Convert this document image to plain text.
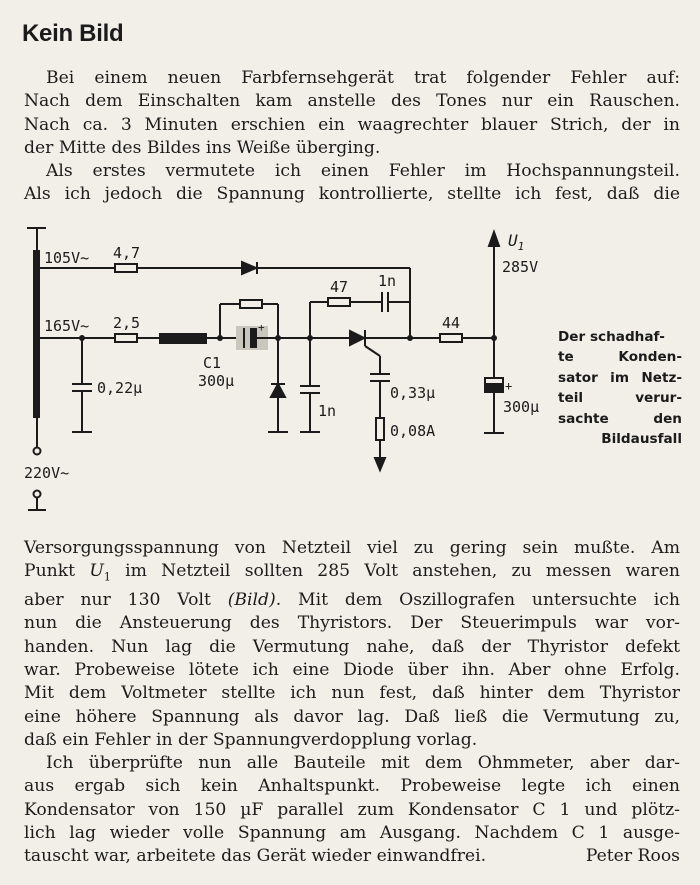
Kein Bild
Bei einem neuen Farbfernsehgerät trat folgender Fehler auf:
Nach dem Einschalten kam anstelle des Tones nur ein Rauschen.
Nach ca. 3 Minuten erschien ein waagrechter blauer Strich, der in
der Mitte des Bildes ins Weiße überging.
Als erstes vermutete ich einen Fehler im Hochspannungsteil.
Als ich jedoch die Spannung kontrollierte, stellte ich fest, daß die
105V~
165V~
220V~
4,7
2,5
47
44
1n
1n
C1
300µ
0,22µ	0,33µ
0,08A
+
+
300µ
$U_1$
285V
Der schadhaf-
te Konden-
sator im Netz-
teil verur-
sachte den
Bildausfall
Versorgungsspannung von Netzteil viel zu gering sein mußte. Am
Punkt $U_1$ im Netzteil sollten 285 Volt anstehen, zu messen waren
aber nur 130 Volt (Bild). Mit dem Oszillografen untersuchte ich
nun die Ansteuerung des Thyristors. Der Steuerimpuls war vor-
handen. Nun lag die Vermutung nahe, daß der Thyristor defekt
war. Probeweise lötete ich eine Diode über ihn. Aber ohne Erfolg.
Mit dem Voltmeter stellte ich nun fest, daß hinter dem Thyristor
eine höhere Spannung als davor lag. Daß ließ die Vermutung zu,
daß ein Fehler in der Spannungverdopplung vorlag.
Ich überprüfte nun alle Bauteile mit dem Ohmmeter, aber dar-
aus ergab sich kein Anhaltspunkt. Probeweise legte ich einen
Kondensator von 150 µF parallel zum Kondensator C 1 und plötz-
lich lag wieder volle Spannung am Ausgang. Nachdem C 1 ausge-
tauscht war, arbeitete das Gerät wieder einwandfrei.	Peter Roos
